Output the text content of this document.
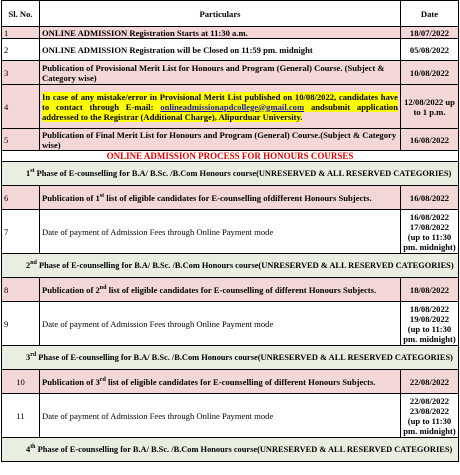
Sl. No.	Particulars	Date
1	ONLINE ADMISSION Registration Starts at 11:30 a.m.	18/07/2022
2	ONLINE ADMISSION Registration will be Closed on 11:59 pm. midnight	05/08/2022
3	Publication of Provisional Merit List for Honours and Program (General) Course. (Subject & Category wise)	10/08/2022
4	In case of any mistake/error in Provisional Merit List published on 10/08/2022, candidates have to contact through E-mail: onlineadmissionapdcollege@gmail.com andsubmit application addressed to the Registrar (Additional Charge), Alipurduar University.	12/08/2022 up to 1 p.m.
5	Publication of Final Merit List for Honours and Program (General) Course.(Subject & Category wise)	16/08/2022
ONLINE ADMISSION PROCESS FOR HONOURS COURSES		
1st Phase of E-counselling for B.A/ B.Sc. /B.Com Honours course(UNRESERVED & ALL RESERVED CATEGORIES)		
6	Publication of 1st list of eligible candidates for E-counselling ofdifferent Honours Subjects.	16/08/2022
7	Date of payment of Admission Fees through Online Payment mode	16/08/2022 17/08/2022 (up to 11:30 pm. midnight)
2nd Phase of E-counselling for B.A/ B.Sc. /B.Com Honours course(UNRESERVED & ALL RESERVED CATEGORIES)		
8	Publication of 2nd list of eligible candidates for E-counselling of different Honours Subjects.	18/08/2022
9	Date of payment of Admission Fees through Online Payment mode	18/08/2022 19/08/2022 (up to 11:30 pm. midnight)
3rd Phase of E-counselling for B.A/ B.Sc. /B.Com Honours course(UNRESERVED & ALL RESERVED CATEGORIES)		
10	Publication of 3rd list of eligible candidates for E-counselling of different Honours Subjects.	22/08/2022
11	Date of payment of Admission Fees through Online Payment mode	22/08/2022 23/08/2022 (up to 11:30 pm. midnight)
4th Phase of E-counselling for B.A/ B.Sc. /B.Com Honours course(UNRESERVED & ALL RESERVED CATEGORIES)		
